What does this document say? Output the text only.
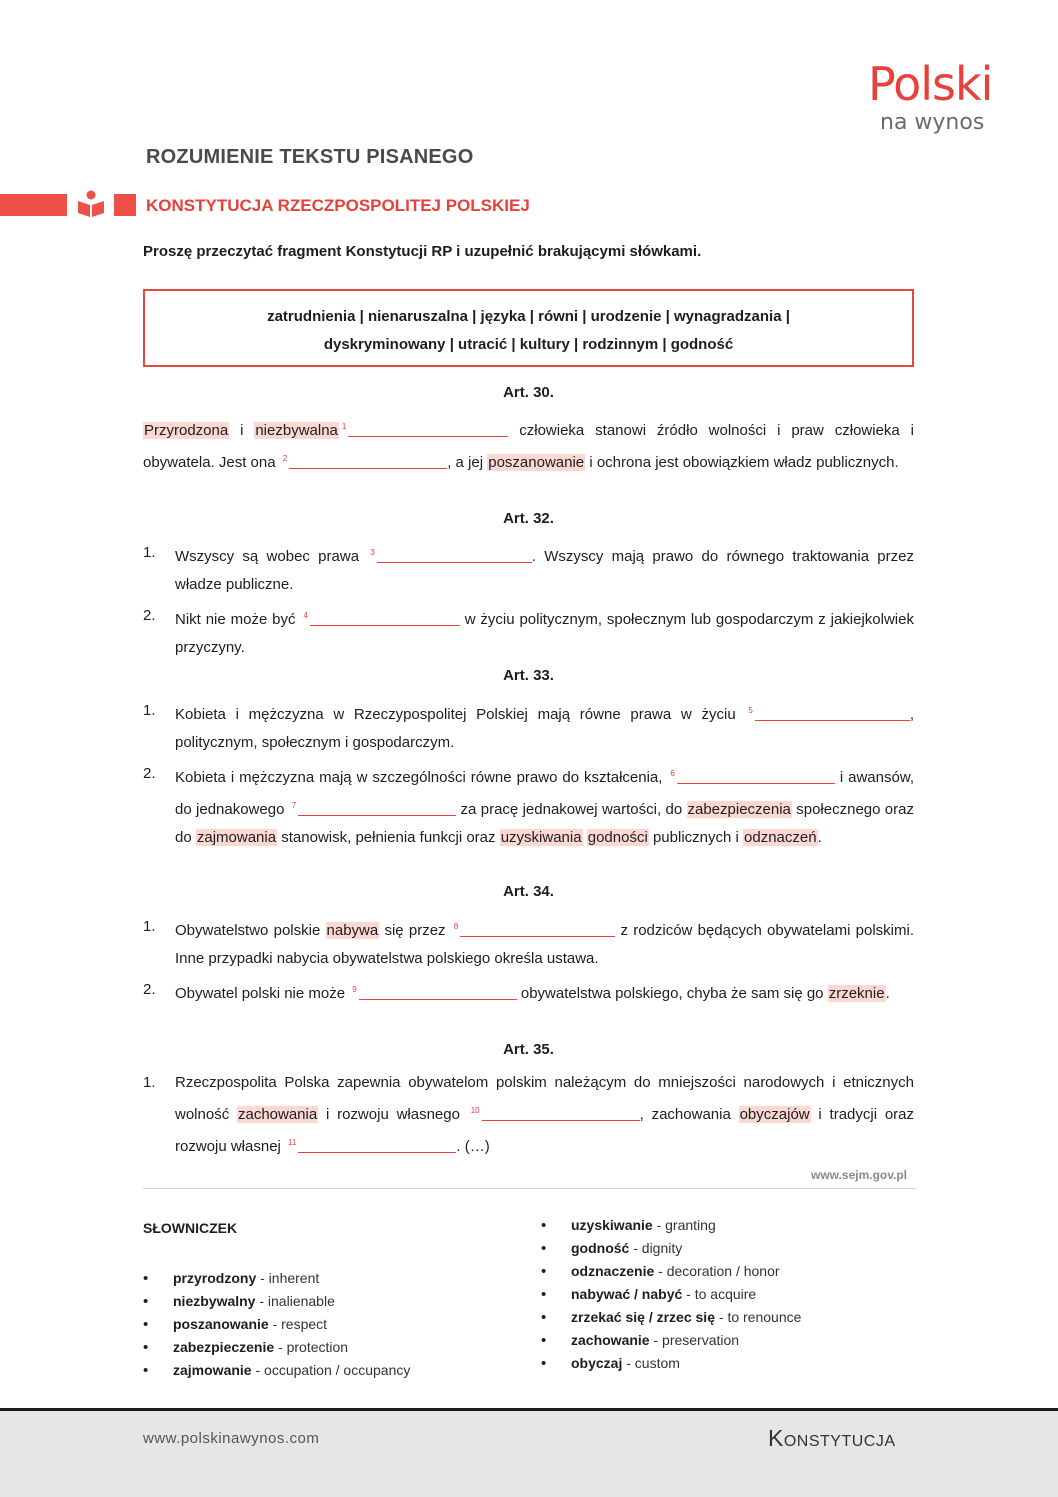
Polski
na wynos
ROZUMIENIE TEKSTU PISANEGO
KONSTYTUCJA RZECZPOSPOLITEJ POLSKIEJ
Proszę przeczytać fragment Konstytucji RP i uzupełnić brakującymi słówkami.
zatrudnienia | nienaruszalna | języka | równi | urodzenie | wynagradzania |
dyskryminowany | utracić | kultury | rodzinnym | godność
Art. 30.
Przyrodzona i niezbywalna $^1$	człowieka stanowi źródło wolności i praw człowieka i obywatela. Jest ona $^2$	, a jej poszanowanie i ochrona jest obowiązkiem władz publicznych.
Art. 32.
1. Wszyscy są wobec prawa $^3$	. Wszyscy mają prawo do równego traktowania przez władze publiczne.
2. Nikt nie może być $^4$	w życiu politycznym, społecznym lub gospodarczym z jakiejkolwiek przyczyny.
Art. 33.
1. Kobieta i mężczyzna w Rzeczypospolitej Polskiej mają równe prawa w życiu $^5$	, politycznym, społecznym i gospodarczym.
2. Kobieta i mężczyzna mają w szczególności równe prawo do kształcenia, $^6$	i awansów, do jednakowego $^7$	za pracę jednakowej wartości, do zabezpieczenia społecznego oraz do zajmowania stanowisk, pełnienia funkcji oraz uzyskiwania godności publicznych i odznaczeń.
Art. 34.
1. Obywatelstwo polskie nabywa się przez $^8$	z rodziców będących obywatelami polskimi. Inne przypadki nabycia obywatelstwa polskiego określa ustawa.
2. Obywatel polski nie może $^9$	obywatelstwa polskiego, chyba że sam się go zrzeknie.
Art. 35.
1. Rzeczpospolita Polska zapewnia obywatelom polskim należącym do mniejszości narodowych i etnicznych wolność zachowania i rozwoju własnego $^{10}$	, zachowania obyczajów i tradycji oraz rozwoju własnej $^{11}$	. (…)
www.sejm.gov.pl
SŁOWNICZEK
• przyrodzony - inherent
• niezbywalny - inalienable
• poszanowanie - respect
• zabezpieczenie - protection
• zajmowanie - occupation / occupancy
• uzyskiwanie - granting
• godność - dignity
• odznaczenie - decoration / honor
• nabywać / nabyć - to acquire
• zrzekać się / zrzec się - to renounce
• zachowanie - preservation
• obyczaj - custom
www.polskinawynos.com	Konstytucja
